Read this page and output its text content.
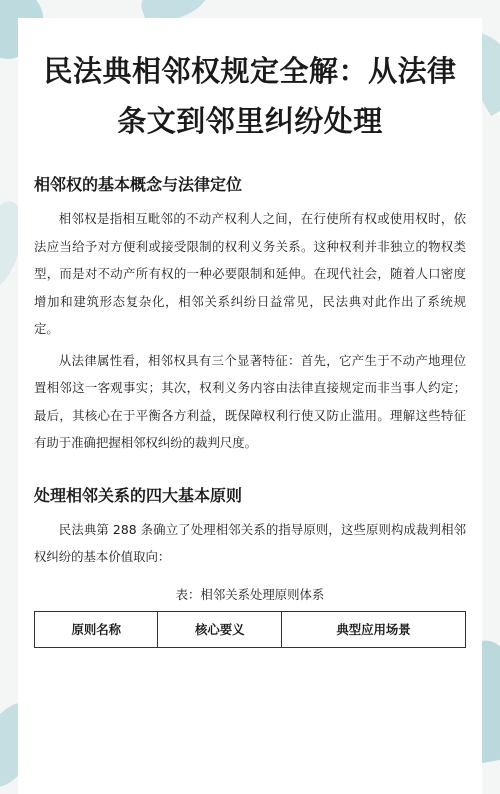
民法典相邻权规定全解：从法律条文到邻里纠纷处理
相邻权的基本概念与法律定位

相邻权是指相互毗邻的不动产权利人之间，在行使所有权或使用权时，依法应当给予对方便利或接受限制的权利义务关系。这种权利并非独立的物权类型，而是对不动产所有权的一种必要限制和延伸。在现代社会，随着人口密度增加和建筑形态复杂化，相邻关系纠纷日益常见，民法典对此作出了系统规定。

从法律属性看，相邻权具有三个显著特征：首先，它产生于不动产地理位置相邻这一客观事实；其次，权利义务内容由法律直接规定而非当事人约定；最后，其核心在于平衡各方利益，既保障权利行使又防止滥用。理解这些特征有助于准确把握相邻权纠纷的裁判尺度。

处理相邻关系的四大基本原则

民法典第 288 条确立了处理相邻关系的指导原则，这些原则构成裁判相邻权纠纷的基本价值取向：

表：相邻关系处理原则体系
原则名称	核心要义	典型应用场景
